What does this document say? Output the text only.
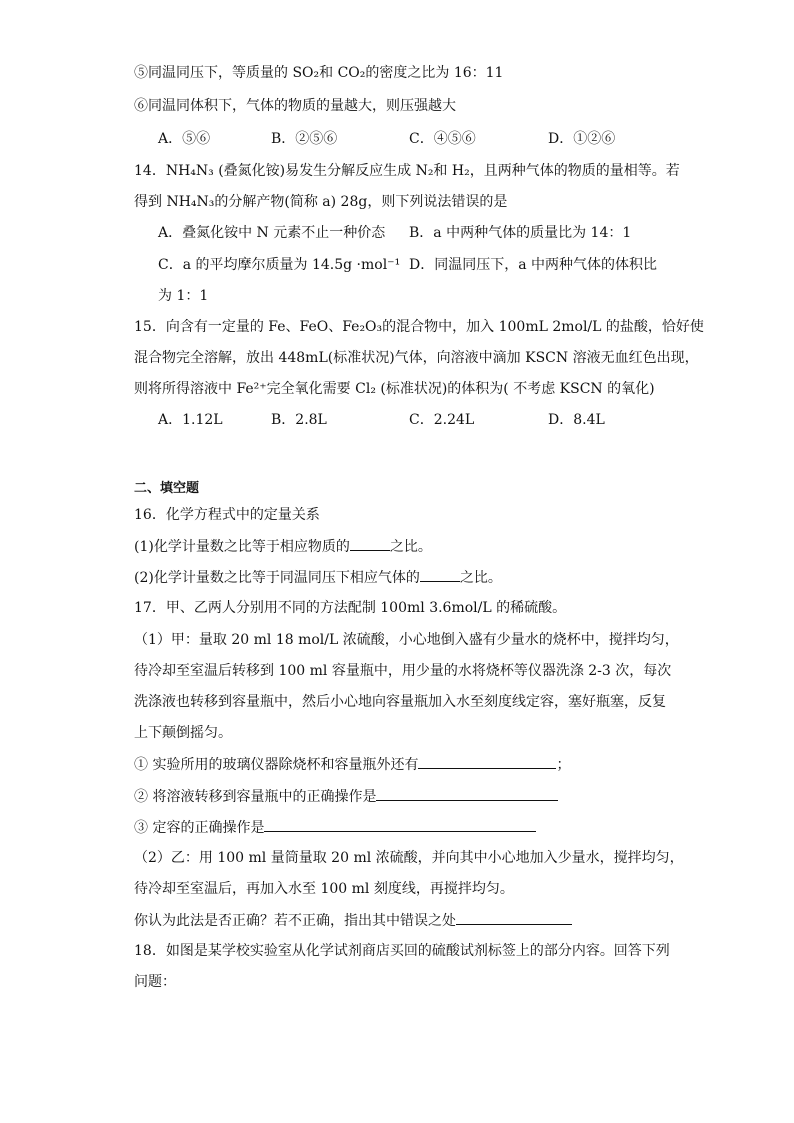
⑤同温同压下，等质量的 SO₂和 CO₂的密度之比为 16：11
⑥同温同体积下，气体的物质的量越大，则压强越大
A．⑤⑥	B．②⑤⑥	C．④⑤⑥	D．①②⑥
14．NH₄N₃ (叠氮化铵)易发生分解反应生成 N₂和 H₂，且两种气体的物质的量相等。若
得到 NH₄N₃的分解产物(简称 a) 28g，则下列说法错误的是
A．叠氮化铵中 N 元素不止一种价态 B．a 中两种气体的质量比为 14：1
C．a 的平均摩尔质量为 14.5g ·mol⁻¹ D．同温同压下，a 中两种气体的体积比
为 1：1
15．向含有一定量的 Fe、FeO、Fe₂O₃的混合物中，加入 100mL 2mol/L 的盐酸，恰好使
混合物完全溶解，放出 448mL(标准状况)气体，向溶液中滴加 KSCN 溶液无血红色出现，
则将所得溶液中 Fe²⁺完全氧化需要 Cl₂ (标准状况)的体积为( 不考虑 KSCN 的氧化)
A．1.12L	B．2.8L	C．2.24L	D．8.4L
二、填空题
16．化学方程式中的定量关系
(1)化学计量数之比等于相应物质的	之比。
(2)化学计量数之比等于同温同压下相应气体的	之比。
17．甲、乙两人分别用不同的方法配制 100ml 3.6mol/L 的稀硫酸。
（1）甲：量取 20 ml 18 mol/L 浓硫酸，小心地倒入盛有少量水的烧杯中，搅拌均匀，
待冷却至室温后转移到 100 ml 容量瓶中，用少量的水将烧杯等仪器洗涤 2-3 次，每次
洗涤液也转移到容量瓶中，然后小心地向容量瓶加入水至刻度线定容，塞好瓶塞，反复
上下颠倒摇匀。
① 实验所用的玻璃仪器除烧杯和容量瓶外还有	；
② 将溶液转移到容量瓶中的正确操作是
③ 定容的正确操作是
（2）乙：用 100 ml 量筒量取 20 ml 浓硫酸，并向其中小心地加入少量水，搅拌均匀，
待冷却至室温后，再加入水至 100 ml 刻度线，再搅拌均匀。
你认为此法是否正确？若不正确，指出其中错误之处
18．如图是某学校实验室从化学试剂商店买回的硫酸试剂标签上的部分内容。回答下列
问题：
